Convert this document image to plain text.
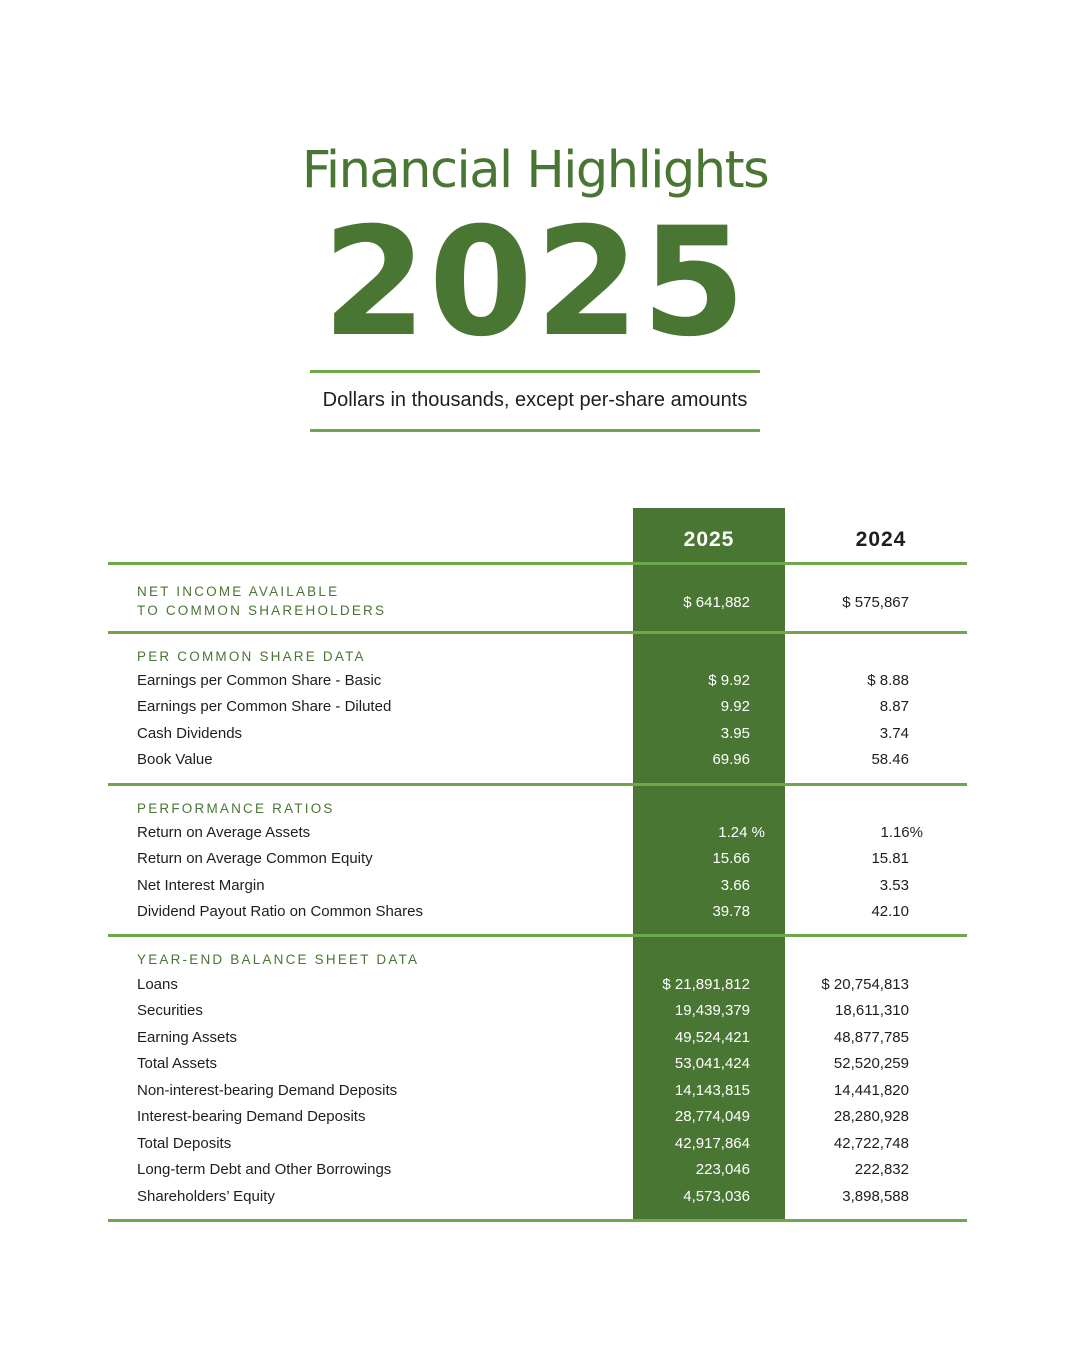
Financial Highlights
2025
Dollars in thousands, except per-share amounts
2025	2024
NET INCOME AVAILABLE
TO COMMON SHAREHOLDERS	$ 641,882	$ 575,867
PER COMMON SHARE DATA
Earnings per Common Share - Basic	$ 9.92	$ 8.88
Earnings per Common Share - Diluted	9.92	8.87
Cash Dividends	3.95	3.74
Book Value	69.96	58.46
PERFORMANCE RATIOS
Return on Average Assets	1.24 %	1.16%
Return on Average Common Equity	15.66	15.81
Net Interest Margin	3.66	3.53
Dividend Payout Ratio on Common Shares	39.78	42.10
YEAR-END BALANCE SHEET DATA
Loans	$ 21,891,812	$ 20,754,813
Securities	19,439,379	18,611,310
Earning Assets	49,524,421	48,877,785
Total Assets	53,041,424	52,520,259
Non-interest-bearing Demand Deposits	14,143,815	14,441,820
Interest-bearing Demand Deposits	28,774,049	28,280,928
Total Deposits	42,917,864	42,722,748
Long-term Debt and Other Borrowings	223,046	222,832
Shareholders’ Equity	4,573,036	3,898,588
